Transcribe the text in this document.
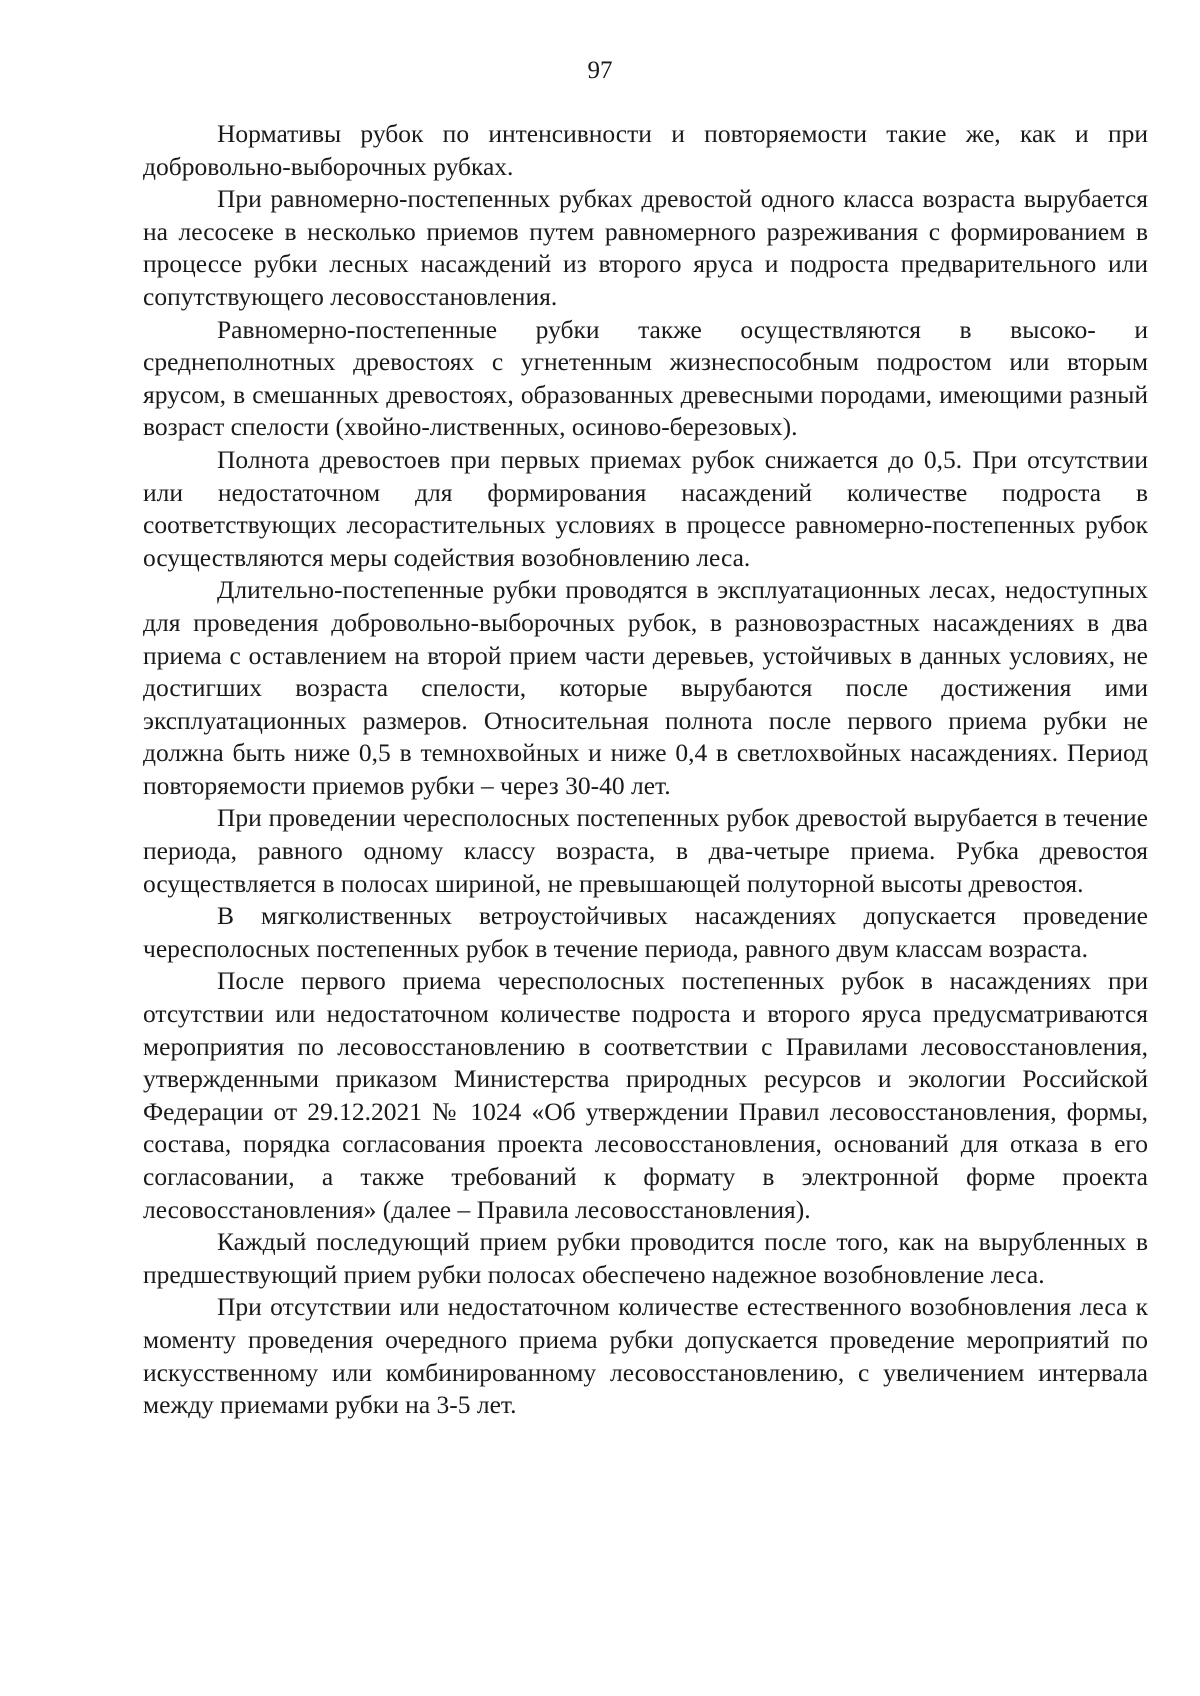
97

Нормативы рубок по интенсивности и повторяемости такие же, как и при добровольно-выборочных рубках.

При равномерно-постепенных рубках древостой одного класса возраста вырубается на лесосеке в несколько приемов путем равномерного разреживания с формированием в процессе рубки лесных насаждений из второго яруса и подроста предварительного или сопутствующего лесовосстановления.

Равномерно-постепенные рубки также осуществляются в высоко- и среднеполнотных древостоях с угнетенным жизнеспособным подростом или вторым ярусом, в смешанных древостоях, образованных древесными породами, имеющими разный возраст спелости (хвойно-лиственных, осиново-березовых).

Полнота древостоев при первых приемах рубок снижается до 0,5. При отсутствии или недостаточном для формирования насаждений количестве подроста в соответствующих лесорастительных условиях в процессе равномерно-постепенных рубок осуществляются меры содействия возобновлению леса.

Длительно-постепенные рубки проводятся в эксплуатационных лесах, недоступных для проведения добровольно-выборочных рубок, в разновозрастных насаждениях в два приема с оставлением на второй прием части деревьев, устойчивых в данных условиях, не достигших возраста спелости, которые вырубаются после достижения ими эксплуатационных размеров. Относительная полнота после первого приема рубки не должна быть ниже 0,5 в темнохвойных и ниже 0,4 в светлохвойных насаждениях. Период повторяемости приемов рубки – через 30-40 лет.

При проведении чересполосных постепенных рубок древостой вырубается в течение периода, равного одному классу возраста, в два-четыре приема. Рубка древостоя осуществляется в полосах шириной, не превышающей полуторной высоты древостоя.

В мягколиственных ветроустойчивых насаждениях допускается проведение чересполосных постепенных рубок в течение периода, равного двум классам возраста.

После первого приема чересполосных постепенных рубок в насаждениях при отсутствии или недостаточном количестве подроста и второго яруса предусматриваются мероприятия по лесовосстановлению в соответствии с Правилами лесовосстановления, утвержденными приказом Министерства природных ресурсов и экологии Российской Федерации от 29.12.2021 № 1024 «Об утверждении Правил лесовосстановления, формы, состава, порядка согласования проекта лесовосстановления, оснований для отказа в его согласовании, а также требований к формату в электронной форме проекта лесовосстановления» (далее – Правила лесовосстановления).

Каждый последующий прием рубки проводится после того, как на вырубленных в предшествующий прием рубки полосах обеспечено надежное возобновление леса.

При отсутствии или недостаточном количестве естественного возобновления леса к моменту проведения очередного приема рубки допускается проведение мероприятий по искусственному или комбинированному лесовосстановлению, с увеличением интервала между приемами рубки на 3-5 лет.
